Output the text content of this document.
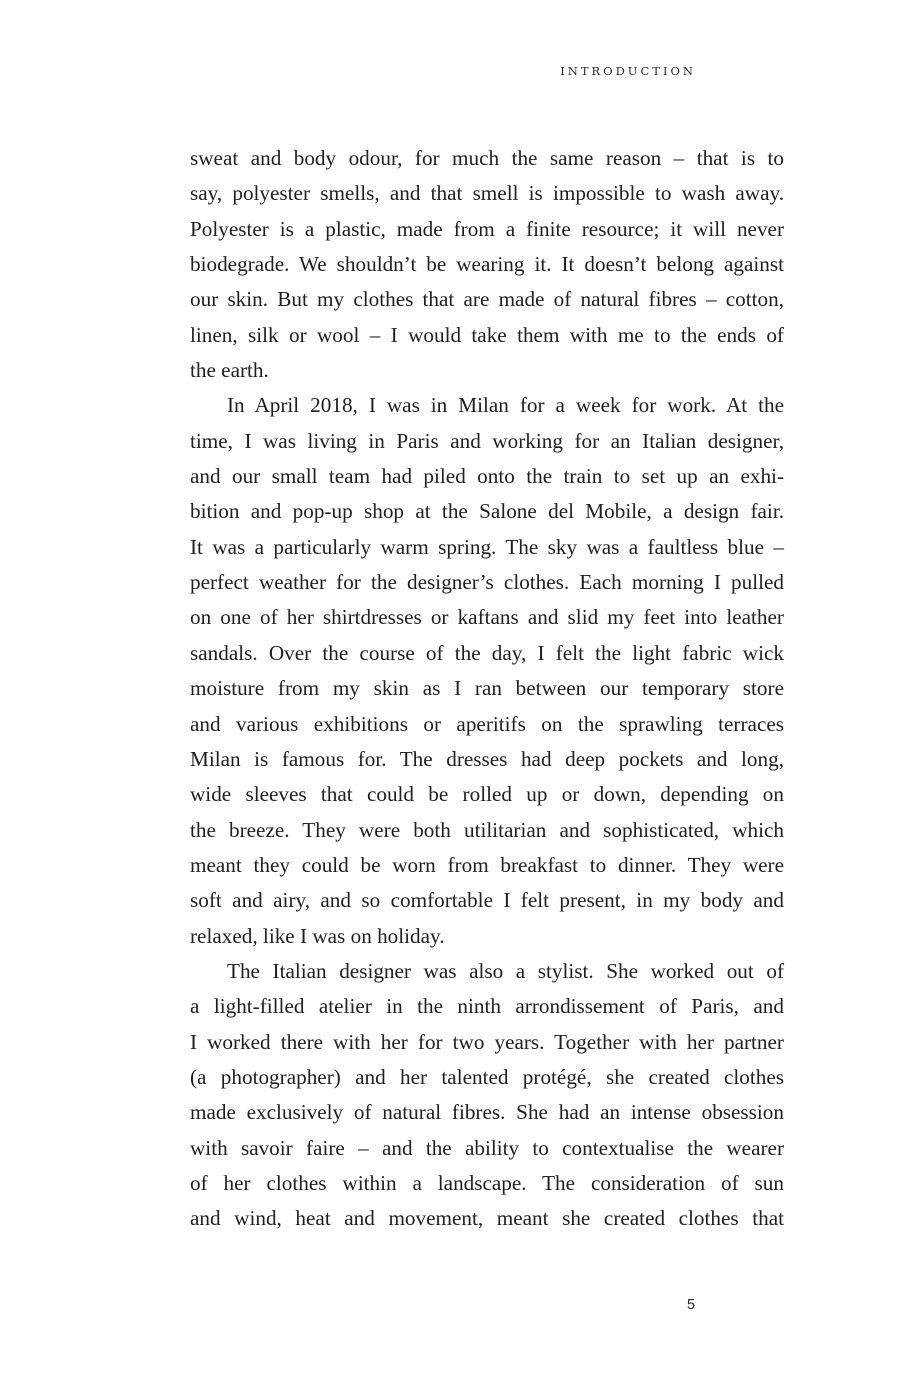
INTRODUCTION

sweat and body odour, for much the same reason – that is to
say, polyester smells, and that smell is impossible to wash away.
Polyester is a plastic, made from a finite resource; it will never
biodegrade. We shouldn’t be wearing it. It doesn’t belong against
our skin. But my clothes that are made of natural fibres – cotton,
linen, silk or wool – I would take them with me to the ends of
the earth.
In April 2018, I was in Milan for a week for work. At the
time, I was living in Paris and working for an Italian designer,
and our small team had piled onto the train to set up an exhi-
bition and pop-up shop at the Salone del Mobile, a design fair.
It was a particularly warm spring. The sky was a faultless blue –
perfect weather for the designer’s clothes. Each morning I pulled
on one of her shirtdresses or kaftans and slid my feet into leather
sandals. Over the course of the day, I felt the light fabric wick
moisture from my skin as I ran between our temporary store
and various exhibitions or aperitifs on the sprawling terraces
Milan is famous for. The dresses had deep pockets and long,
wide sleeves that could be rolled up or down, depending on
the breeze. They were both utilitarian and sophisticated, which
meant they could be worn from breakfast to dinner. They were
soft and airy, and so comfortable I felt present, in my body and
relaxed, like I was on holiday.
The Italian designer was also a stylist. She worked out of
a light-filled atelier in the ninth arrondissement of Paris, and
I worked there with her for two years. Together with her partner
(a photographer) and her talented protégé, she created clothes
made exclusively of natural fibres. She had an intense obsession
with savoir faire – and the ability to contextualise the wearer
of her clothes within a landscape. The consideration of sun
and wind, heat and movement, meant she created clothes that

5
